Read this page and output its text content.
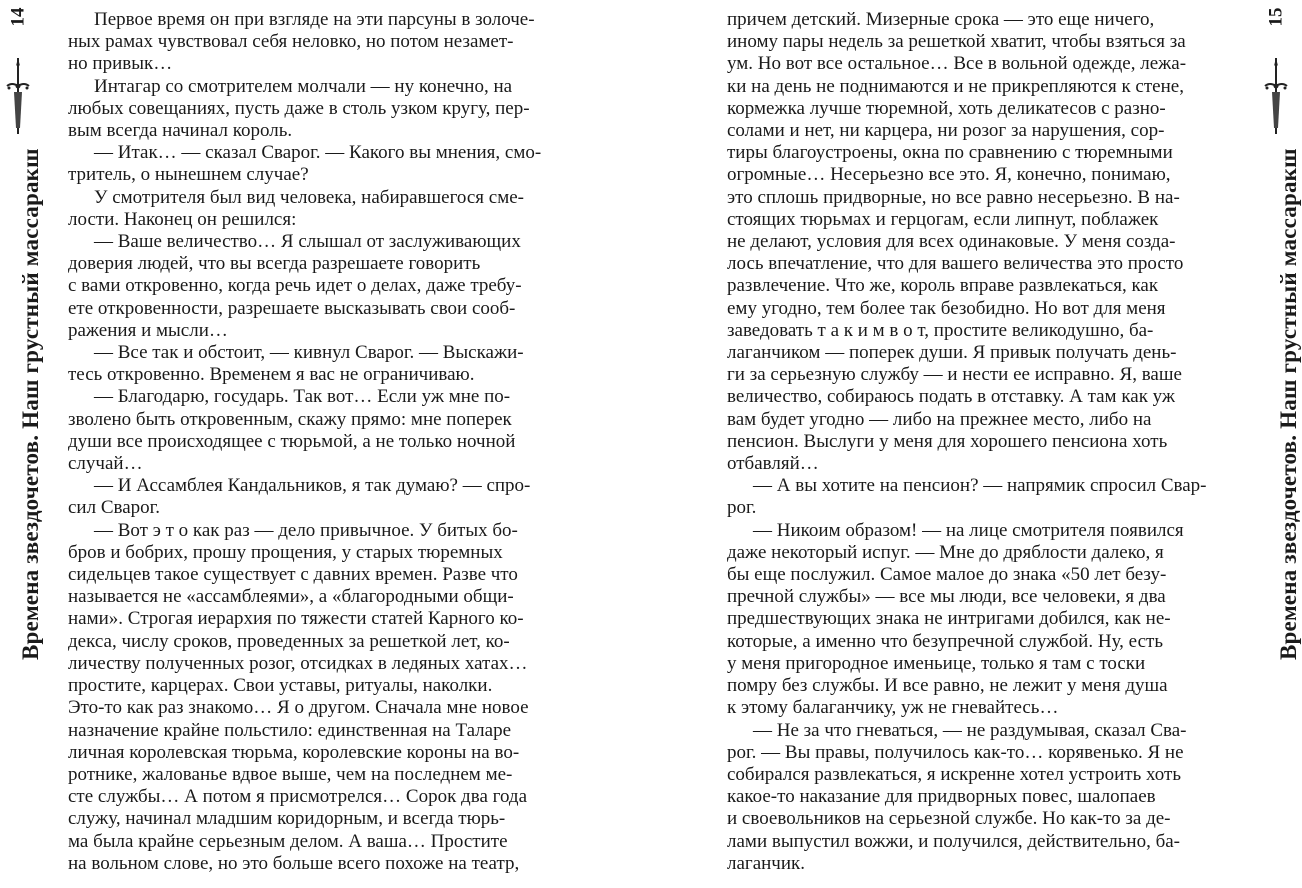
14
Времена звездочетов. Наш грустный массаракш

Первое время он при взгляде на эти парсуны в золоче-

ных рамах чувствовал себя неловко, но потом незамет-

но привык…

Интагар со смотрителем молчали — ну конечно, на

любых совещаниях, пусть даже в столь узком кругу, пер-

вым всегда начинал король.

— Итак… — сказал Сварог. — Какого вы мнения, смо-

тритель, о нынешнем случае?

У смотрителя был вид человека, набиравшегося сме-

лости. Наконец он решился:

— Ваше величество… Я слышал от заслуживающих

доверия людей, что вы всегда разрешаете говорить

с вами откровенно, когда речь идет о делах, даже требу-

ете откровенности, разрешаете высказывать свои сооб-

ражения и мысли…

— Все так и обстоит, — кивнул Сварог. — Выскажи-

тесь откровенно. Временем я вас не ограничиваю.

— Благодарю, государь. Так вот… Если уж мне по-

зволено быть откровенным, скажу прямо: мне поперек

души все происходящее с тюрьмой, а не только ночной

случай…

— И Ассамблея Кандальников, я так думаю? — спро-

сил Сварог.

— Вот э т о как раз — дело привычное. У битых бо-

бров и бобрих, прошу прощения, у старых тюремных

сидельцев такое существует с давних времен. Разве что

называется не «ассамблеями», а «благородными общи-

нами». Строгая иерархия по тяжести статей Карного ко-

декса, числу сроков, проведенных за решеткой лет, ко-

личеству полученных розог, отсидках в ледяных хатах…

простите, карцерах. Свои уставы, ритуалы, наколки.

Это-то как раз знакомо… Я о другом. Сначала мне новое

назначение крайне польстило: единственная на Таларе

личная королевская тюрьма, королевские короны на во-

ротнике, жалованье вдвое выше, чем на последнем ме-

сте службы… А потом я присмотрелся… Сорок два года

служу, начинал младшим коридорным, и всегда тюрь-

ма была крайне серьезным делом. А ваша… Простите

на вольном слове, но это больше всего похоже на театр,

причем детский. Мизерные срока — это еще ничего,

иному пары недель за решеткой хватит, чтобы взяться за

ум. Но вот все остальное… Все в вольной одежде, лежа-

ки на день не поднимаются и не прикрепляются к стене,

кормежка лучше тюремной, хоть деликатесов с разно-

солами и нет, ни карцера, ни розог за нарушения, сор-

тиры благоустроены, окна по сравнению с тюремными

огромные… Несерьезно все это. Я, конечно, понимаю,

это сплошь придворные, но все равно несерьезно. В на-

стоящих тюрьмах и герцогам, если липнут, поблажек

не делают, условия для всех одинаковые. У меня созда-

лось впечатление, что для вашего величества это просто

развлечение. Что же, король вправе развлекаться, как

ему угодно, тем более так безобидно. Но вот для меня

заведовать т а к и м в о т, простите великодушно, ба-

лаганчиком — поперек души. Я привык получать день-

ги за серьезную службу — и нести ее исправно. Я, ваше

величество, собираюсь подать в отставку. А там как уж

вам будет угодно — либо на прежнее место, либо на

пенсион. Выслуги у меня для хорошего пенсиона хоть

отбавляй…

— А вы хотите на пенсион? — напрямик спросил Свар-

рог.

— Никоим образом! — на лице смотрителя появился

даже некоторый испуг. — Мне до дряблости далеко, я

бы еще послужил. Самое малое до знака «50 лет безу-

пречной службы» — все мы люди, все человеки, я два

предшествующих знака не интригами добился, как не-

которые, а именно что безупречной службой. Ну, есть

у меня пригородное именьице, только я там с тоски

помру без службы. И все равно, не лежит у меня душа

к этому балаганчику, уж не гневайтесь…

— Не за что гневаться, — не раздумывая, сказал Сва-

рог. — Вы правы, получилось как-то… корявенько. Я не

собирался развлекаться, я искренне хотел устроить хоть

какое-то наказание для придворных повес, шалопаев

и своевольников на серьезной службе. Но как-то за де-

лами выпустил вожжи, и получился, действительно, ба-

лаганчик.

15
Времена звездочетов. Наш грустный массаракш
